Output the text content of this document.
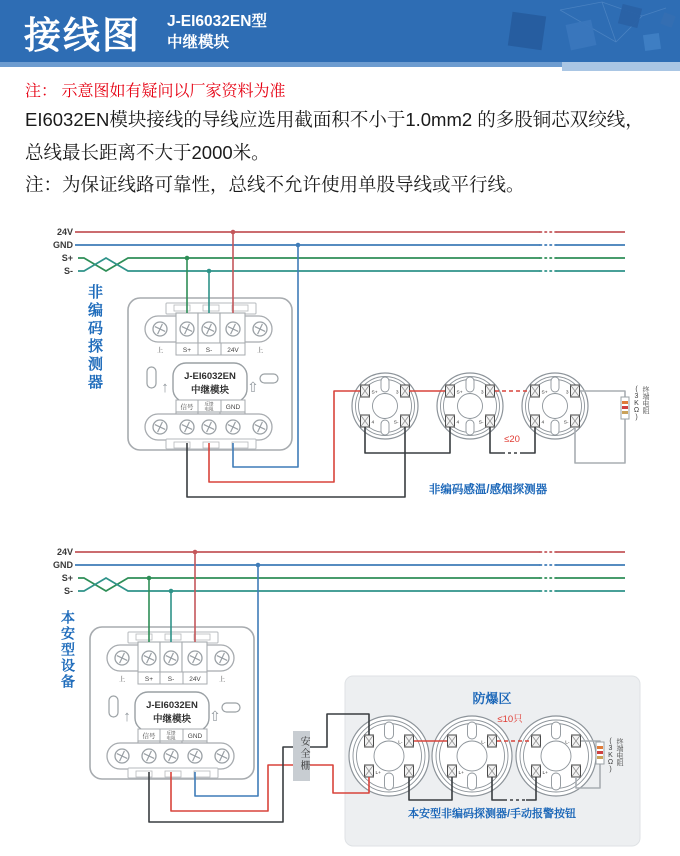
接线图 J-EI6032EN型
中继模块
注： 示意图如有疑问以厂家资料为准
EI6032EN模块接线的导线应选用截面积不小于1.0mm2 的多股铜芯双绞线，
总线最长距离不大于2000米。
注：为保证线路可靠性，总线不允许使用单股导线或平行线。
24V
GND
S+
S-
24V
GND
S+
S-
≤20
非编码感温/感烟探测器
防爆区
≤10只
本安型非编码探测器/手动报警按钮
非编码探测器
本安型设备
安全栅
终端电阻
(3KΩ)
终端电阻
(3KΩ)
